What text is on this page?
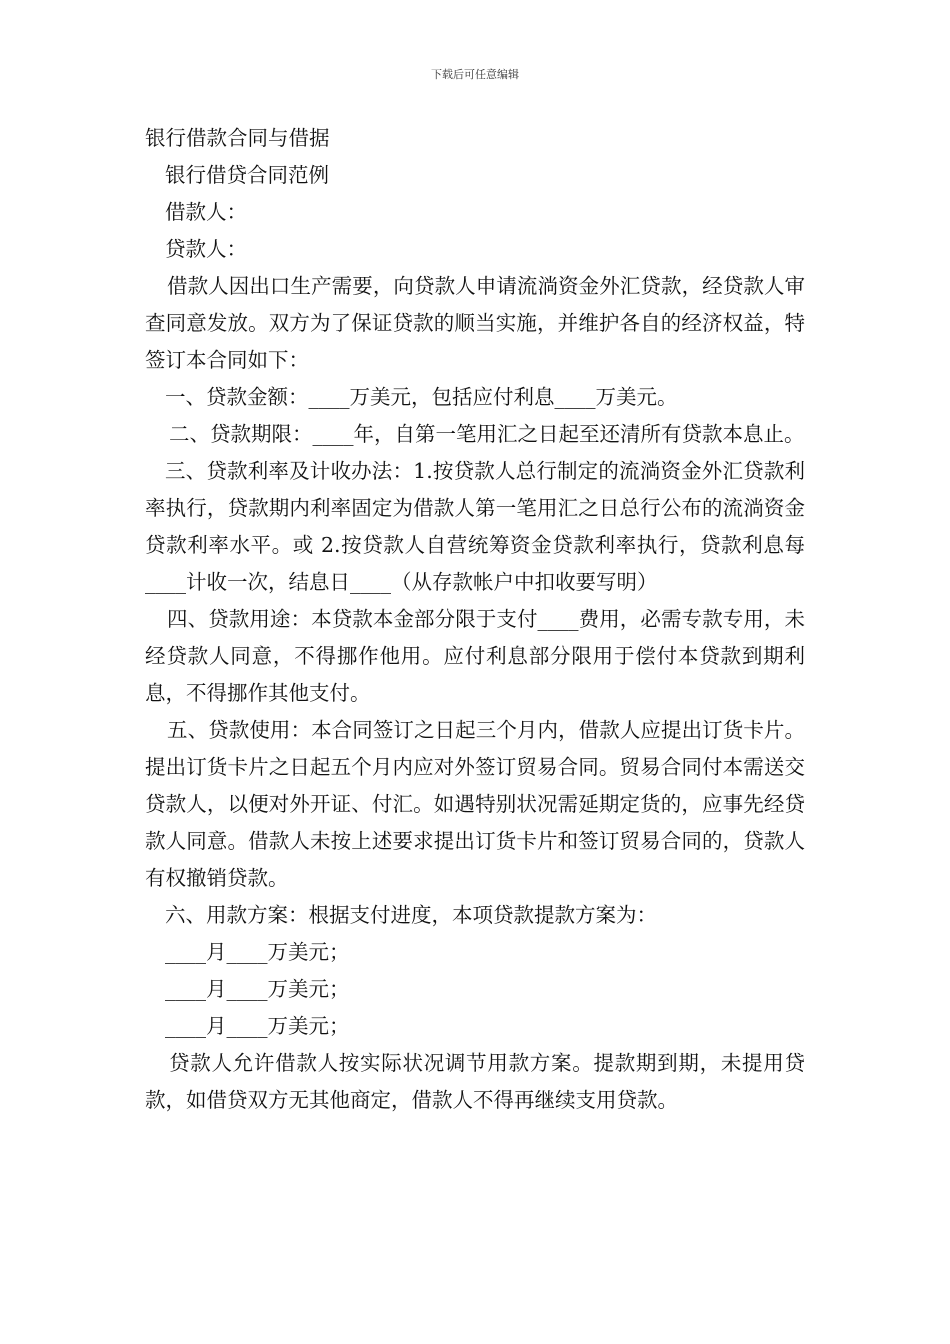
下载后可任意编辑
银行借款合同与借据
银行借贷合同范例
借款人：
贷款人：
借款人因出口生产需要，向贷款人申请流淌资金外汇贷款，经贷款人审查同意发放。双方为了保证贷款的顺当实施，并维护各自的经济权益，特签订本合同如下：
一、贷款金额：____万美元，包括应付利息____万美元。
二、贷款期限：____年，自第一笔用汇之日起至还清所有贷款本息止。
三、贷款利率及计收办法：1.按贷款人总行制定的流淌资金外汇贷款利率执行，贷款期内利率固定为借款人第一笔用汇之日总行公布的流淌资金贷款利率水平。或 2.按贷款人自营统筹资金贷款利率执行，贷款利息每____计收一次，结息日____（从存款帐户中扣收要写明）
四、贷款用途：本贷款本金部分限于支付____费用，必需专款专用，未经贷款人同意，不得挪作他用。应付利息部分限用于偿付本贷款到期利息，不得挪作其他支付。
五、贷款使用：本合同签订之日起三个月内，借款人应提出订货卡片。提出订货卡片之日起五个月内应对外签订贸易合同。贸易合同付本需送交贷款人，以便对外开证、付汇。如遇特别状况需延期定货的，应事先经贷款人同意。借款人未按上述要求提出订货卡片和签订贸易合同的，贷款人有权撤销贷款。
六、用款方案：根据支付进度，本项贷款提款方案为：
____月____万美元；
____月____万美元；
____月____万美元；
贷款人允许借款人按实际状况调节用款方案。提款期到期，未提用贷款，如借贷双方无其他商定，借款人不得再继续支用贷款。
